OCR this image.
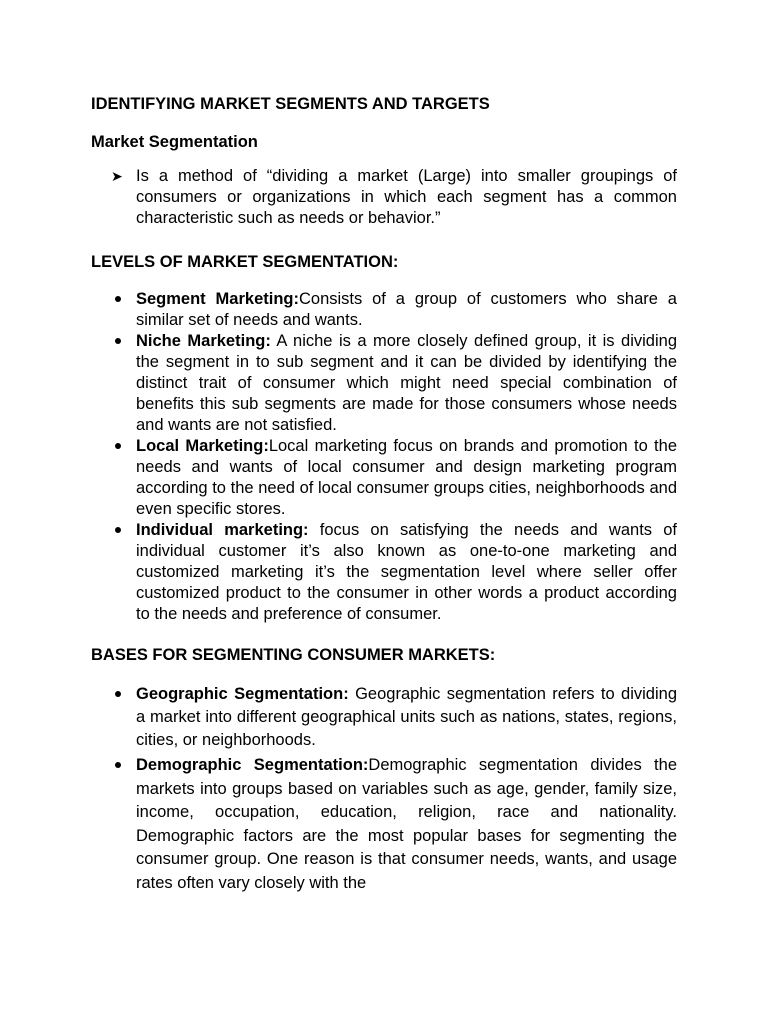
IDENTIFYING MARKET SEGMENTS AND TARGETS
Market Segmentation
➤ Is a method of “dividing a market (Large) into smaller groupings of consumers or organizations in which each segment has a common characteristic such as needs or behavior.”

LEVELS OF MARKET SEGMENTATION:

Segment Marketing:Consists of a group of customers who share a similar set of needs and wants.

Niche Marketing: A niche is a more closely defined group, it is dividing the segment in to sub segment and it can be divided by identifying the distinct trait of consumer which might need special combination of benefits this sub segments are made for those consumers whose needs and wants are not satisfied.

Local Marketing:Local marketing focus on brands and promotion to the needs and wants of local consumer and design marketing program according to the need of local consumer groups cities, neighborhoods and even specific stores.

Individual marketing: focus on satisfying the needs and wants of individual customer it’s also known as one-to-one marketing and customized marketing it’s the segmentation level where seller offer customized product to the consumer in other words a product according to the needs and preference of consumer.

BASES FOR SEGMENTING CONSUMER MARKETS:

Geographic Segmentation: Geographic segmentation refers to dividing a market into different geographical units such as nations, states, regions, cities, or neighborhoods.

Demographic Segmentation:Demographic segmentation divides the markets into groups based on variables such as age, gender, family size, income, occupation, education, religion, race and nationality. Demographic factors are the most popular bases for segmenting the consumer group. One reason is that consumer needs, wants, and usage rates often vary closely with the
